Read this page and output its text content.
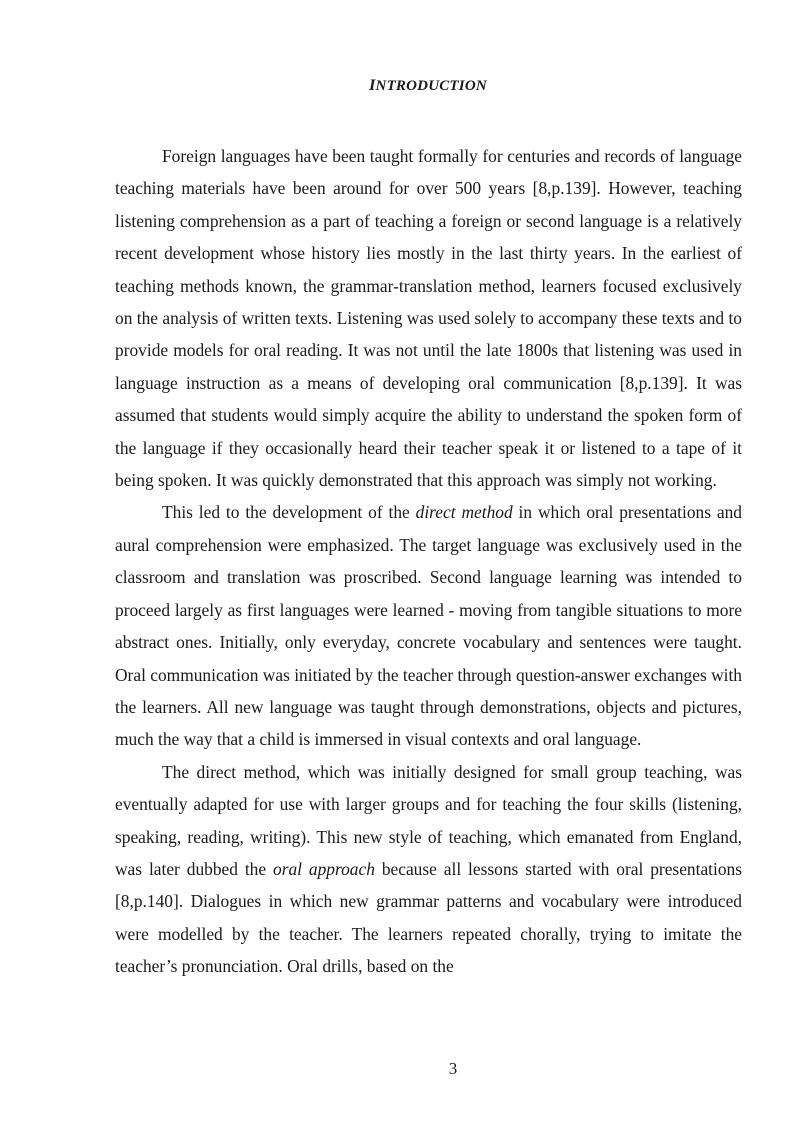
INTRODUCTION

Foreign languages have been taught formally for centuries and records of language teaching materials have been around for over 500 years [8,p.139]. However, teaching listening comprehension as a part of teaching a foreign or second language is a relatively recent development whose history lies mostly in the last thirty years. In the earliest of teaching methods known, the grammar-translation method, learners focused exclusively on the analysis of written texts. Listening was used solely to accompany these texts and to provide models for oral reading. It was not until the late 1800s that listening was used in language instruction as a means of developing oral communication [8,p.139]. It was assumed that students would simply acquire the ability to understand the spoken form of the language if they occasionally heard their teacher speak it or listened to a tape of it being spoken. It was quickly demonstrated that this approach was simply not working.

This led to the development of the direct method in which oral presentations and aural comprehension were emphasized. The target language was exclusively used in the classroom and translation was proscribed. Second language learning was intended to proceed largely as first languages were learned - moving from tangible situations to more abstract ones. Initially, only everyday, concrete vocabulary and sentences were taught. Oral communication was initiated by the teacher through question-answer exchanges with the learners. All new language was taught through demonstrations, objects and pictures, much the way that a child is immersed in visual contexts and oral language.

The direct method, which was initially designed for small group teaching, was eventually adapted for use with larger groups and for teaching the four skills (listening, speaking, reading, writing). This new style of teaching, which emanated from England, was later dubbed the oral approach because all lessons started with oral presentations [8,p.140]. Dialogues in which new grammar patterns and vocabulary were introduced were modelled by the teacher. The learners repeated chorally, trying to imitate the teacher’s pronunciation. Oral drills, based on the

3
